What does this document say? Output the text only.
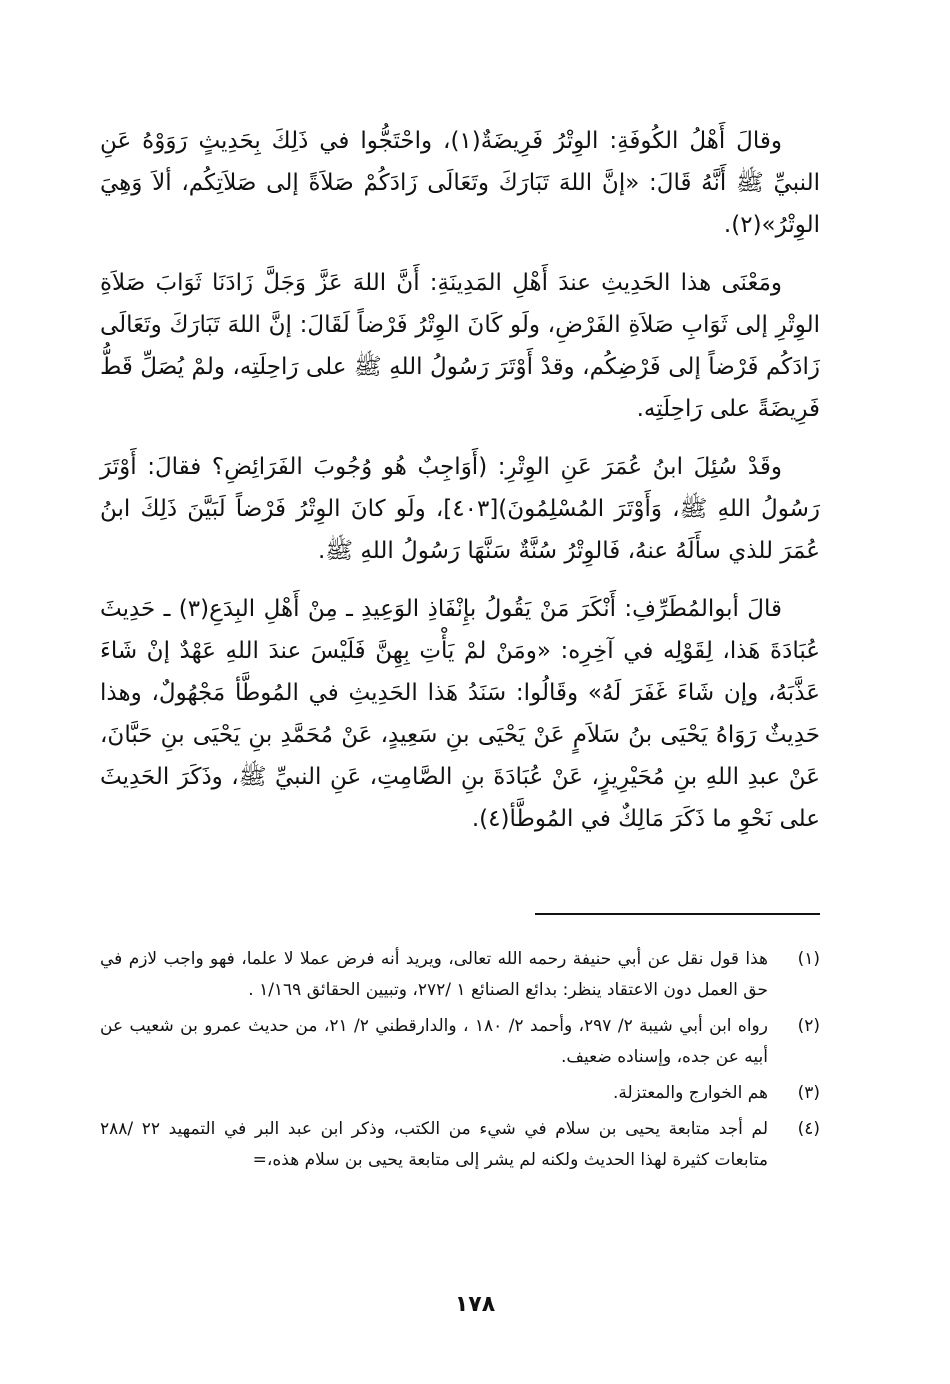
وقالَ أَهْلُ الكُوفَةِ: الوِتْرُ فَرِيضَةٌ(١)، واحْتَجُّوا في ذَلِكَ بِحَدِيثٍ رَوَوْهُ عَنِ النبيِّ ﷺ أَنَّهُ قَالَ: «إنَّ اللهَ تَبَارَكَ وتَعَالَى زَادَكُمْ صَلاَةً إلى صَلاَتِكُم، ألاَ وَهِيَ الوِتْرُ»(٢).

ومَعْنَى هذا الحَدِيثِ عندَ أَهْلِ المَدِينَةِ: أَنَّ اللهَ عَزَّ وَجَلَّ زَادَنَا ثَوَابَ صَلاَةِ الوِتْرِ إلى ثَوَابِ صَلاَةِ الفَرْضِ، ولَو كَانَ الوِتْرُ فَرْضاً لَقَالَ: إنَّ اللهَ تَبَارَكَ وتَعَالَى زَادَكُم فَرْضاً إلى فَرْضِكُم، وقدْ أَوْتَرَ رَسُولُ اللهِ ﷺ على رَاحِلَتِه، ولمْ يُصَلِّ قَطُّ فَرِيضَةً على رَاحِلَتِه.

وقَدْ سُئِلَ ابنُ عُمَرَ عَنِ الوِتْرِ: (أَوَاجِبٌ هُو وُجُوبَ الفَرَائِضِ؟ فقالَ: أَوْتَرَ رَسُولُ اللهِ ﷺ، وَأَوْتَرَ المُسْلِمُونَ)[٤٠٣]، ولَو كانَ الوِتْرُ فَرْضاً لَبَيَّنَ ذَلِكَ ابنُ عُمَرَ للذي سأَلَهُ عنهُ، فَالوِتْرُ سُنَّةٌ سَنَّهَا رَسُولُ اللهِ ﷺ.

قالَ أبوالمُطَرِّفِ: أَنْكَرَ مَنْ يَقُولُ بإِنْفَاذِ الوَعِيدِ ـ مِنْ أَهْلِ البِدَعِ(٣) ـ حَدِيثَ عُبَادَةَ هَذا، لِقَوْلِه في آخِرِه: «ومَنْ لمْ يَأْتِ بِهِنَّ فَلَيْسَ عندَ اللهِ عَهْدٌ إنْ شَاءَ عَذَّبَهُ، وإن شَاءَ غَفَرَ لَهُ» وقَالُوا: سَنَدُ هَذا الحَدِيثِ في المُوطَّأ مَجْهُولٌ، وهذا حَدِيثٌ رَوَاهُ يَحْيَى بنُ سَلاَمٍ عَنْ يَحْيَى بنِ سَعِيدٍ، عَنْ مُحَمَّدِ بنِ يَحْيَى بنِ حَبَّانَ، عَنْ عبدِ اللهِ بنِ مُحَيْرِيزٍ، عَنْ عُبَادَةَ بنِ الصَّامِتِ، عَنِ النبيِّ ﷺ، وذَكَرَ الحَدِيثَ على نَحْوِ ما ذَكَرَ مَالِكٌ في المُوطَّأ(٤).

(١)
هذا قول نقل عن أبي حنيفة رحمه الله تعالى، ويريد أنه فرض عملا لا علما، فهو واجب لازم في حق العمل دون الاعتقاد ينظر: بدائع الصنائع ١ /٢٧٢، وتبيين الحقائق ١/١٦٩ .
(٢)
رواه ابن أبي شيبة ٢/ ٢٩٧، وأحمد ٢/ ١٨٠ ، والدارقطني ٢/ ٢١، من حديث عمرو بن شعيب عن أبيه عن جده، وإسناده ضعيف.
(٣)
هم الخوارج والمعتزلة.
(٤)
لم أجد متابعة يحيى بن سلام في شيء من الكتب، وذكر ابن عبد البر في التمهيد ٢٢ /٢٨٨ متابعات كثيرة لهذا الحديث ولكنه لم يشر إلى متابعة يحيى بن سلام هذه،=
١٧٨
